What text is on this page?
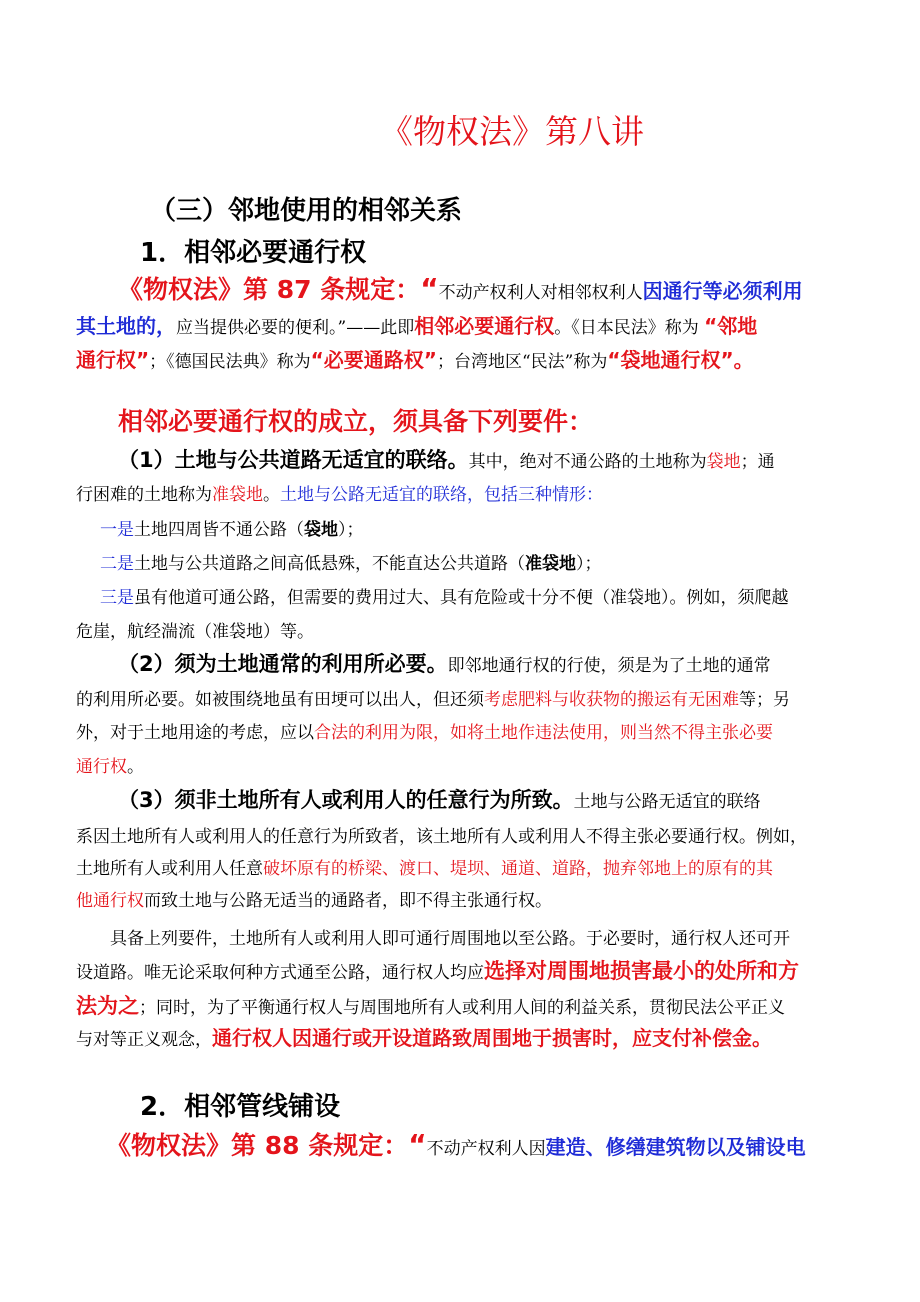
《物权法》第八讲
（三）邻地使用的相邻关系
1．相邻必要通行权
《物权法》第 87 条规定：“不动产权利人对相邻权利人因通行等必须利用
其土地的，应当提供必要的便利。”——此即相邻必要通行权。《日本民法》称为 “邻地
通行权”；《德国民法典》称为“必要通路权”；台湾地区“民法”称为“袋地通行权”。
相邻必要通行权的成立，须具备下列要件：
（1）土地与公共道路无适宜的联络。其中，绝对不通公路的土地称为袋地；通
行困难的土地称为准袋地。土地与公路无适宜的联络，包括三种情形：
一是土地四周皆不通公路（袋地）；
二是土地与公共道路之间高低悬殊，不能直达公共道路（准袋地）；
三是虽有他道可通公路，但需要的费用过大、具有危险或十分不便（准袋地）。例如，须爬越
危崖，航经湍流（准袋地）等。
（2）须为土地通常的利用所必要。即邻地通行权的行使，须是为了土地的通常
的利用所必要。如被围绕地虽有田埂可以出人，但还须考虑肥料与收获物的搬运有无困难等；另
外，对于土地用途的考虑，应以合法的利用为限，如将土地作违法使用，则当然不得主张必要
通行权。
（3）须非土地所有人或利用人的任意行为所致。土地与公路无适宜的联络
系因土地所有人或利用人的任意行为所致者，该土地所有人或利用人不得主张必要通行权。例如，
土地所有人或利用人任意破坏原有的桥梁、渡口、堤坝、通道、道路，抛弃邻地上的原有的其
他通行权而致土地与公路无适当的通路者，即不得主张通行权。
具备上列要件，土地所有人或利用人即可通行周围地以至公路。于必要时，通行权人还可开
设道路。唯无论采取何种方式通至公路，通行权人均应选择对周围地损害最小的处所和方
法为之；同时，为了平衡通行权人与周围地所有人或利用人间的利益关系，贯彻民法公平正义
与对等正义观念，通行权人因通行或开设道路致周围地于损害时，应支付补偿金。
2．相邻管线铺设
《物权法》第 88 条规定：“不动产权利人因建造、修缮建筑物以及铺设电
